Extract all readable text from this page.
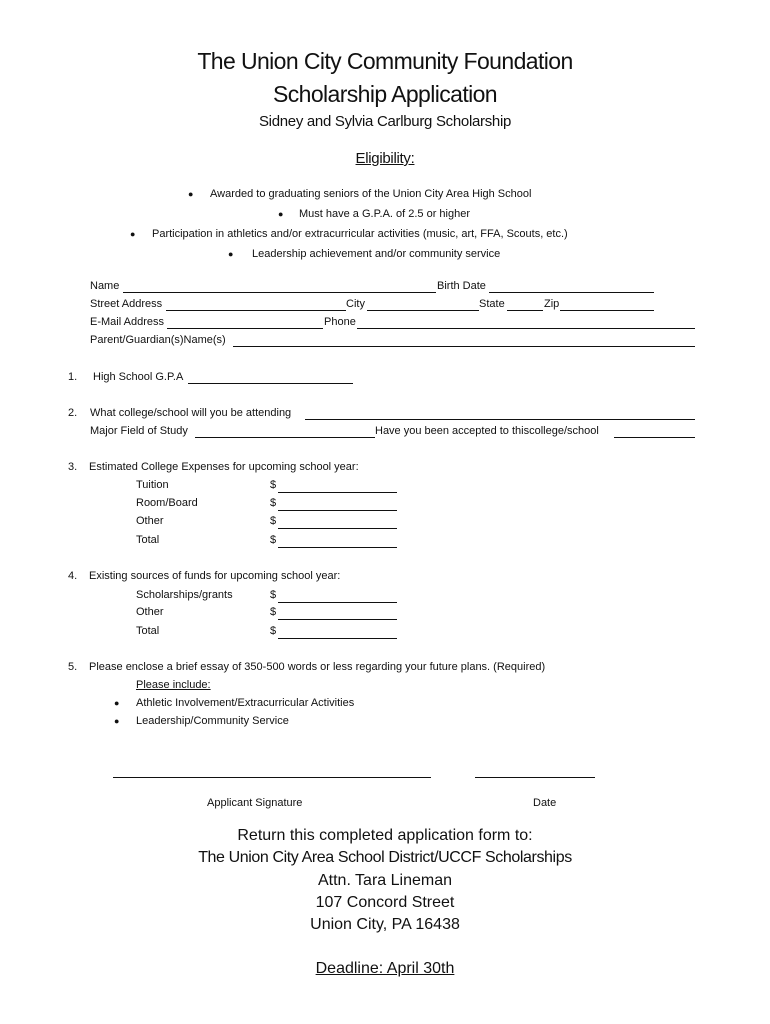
The Union City Community Foundation
Scholarship Application
Sidney and Sylvia Carlburg Scholarship
Eligibility:
● Awarded to graduating seniors of the Union City Area High School
● Must have a G.P.A. of 2.5 or higher
● Participation in athletics and/or extracurricular activities (music, art, FFA, Scouts, etc.)
● Leadership achievement and/or community service
Name	Birth Date
Street Address	City	State	Zip
E-Mail Address	Phone
Parent/Guardian(s)Name(s)
1. High School G.P.A
2. What college/school will you be attending
Major Field of Study	Have you been accepted to thiscollege/school
3. Estimated College Expenses for upcoming school year:
Tuition	$
Room/Board	$
Other	$
Total	$
4. Existing sources of funds for upcoming school year:
Scholarships/grants	$
Other	$
Total	$
5. Please enclose a brief essay of 350-500 words or less regarding your future plans. (Required)
Please include:
● Athletic Involvement/Extracurricular Activities
● Leadership/Community Service
Applicant Signature	Date
Return this completed application form to:
The Union City Area School District/UCCF Scholarships
Attn. Tara Lineman
107 Concord Street
Union City, PA 16438
Deadline: April 30th
